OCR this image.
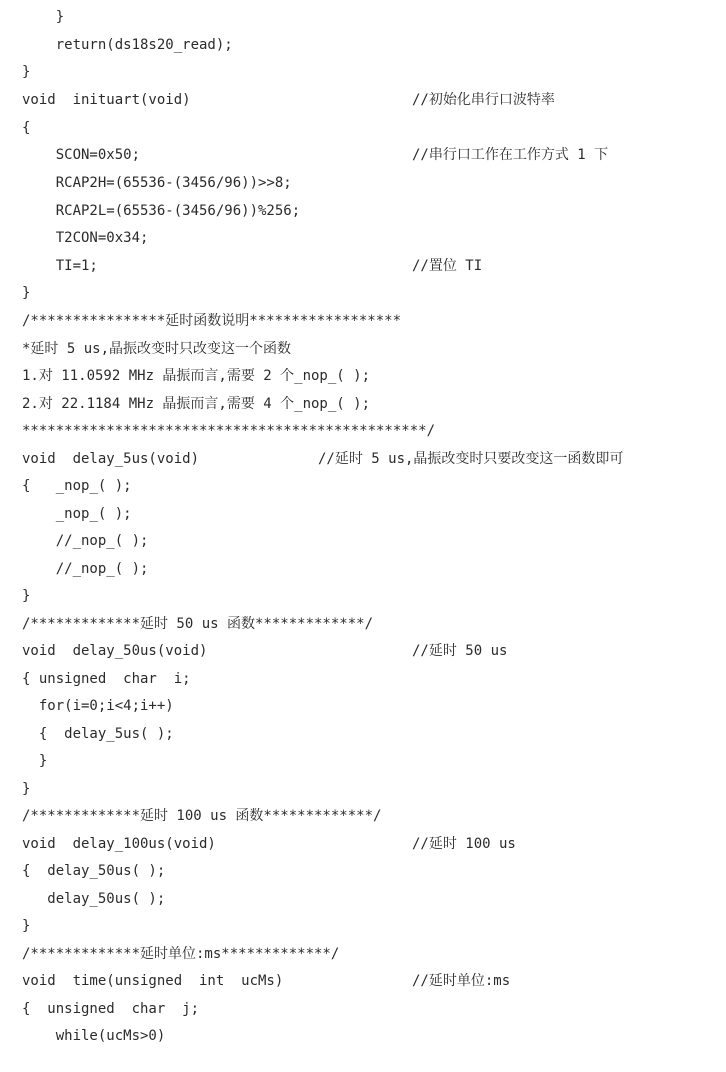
}
return(ds18s20_read);
}
void  inituart(void)	//初始化串行口波特率
{
SCON=0x50;	//串行口工作在工作方式 1 下
RCAP2H=(65536-(3456/96))>>8;
RCAP2L=(65536-(3456/96))%256;
T2CON=0x34;
TI=1;	//置位 TI
}
/****************延时函数说明******************
*延时 5 us,晶振改变时只改变这一个函数
1.对 11.0592 MHz 晶振而言,需要 2 个_nop_( );
2.对 22.1184 MHz 晶振而言,需要 4 个_nop_( );
************************************************/
void  delay_5us(void)	//延时 5 us,晶振改变时只要改变这一函数即可
{   _nop_( );
_nop_( );
//_nop_( );
//_nop_( );
}
/*************延时 50 us 函数*************/
void  delay_50us(void)	//延时 50 us
{ unsigned  char  i;
for(i=0;i<4;i++)
{  delay_5us( );
}
}
/*************延时 100 us 函数*************/
void  delay_100us(void)	//延时 100 us
{  delay_50us( );
delay_50us( );
}
/*************延时单位:ms*************/
void  time(unsigned  int  ucMs)	//延时单位:ms
{  unsigned  char  j;
while(ucMs>0)
